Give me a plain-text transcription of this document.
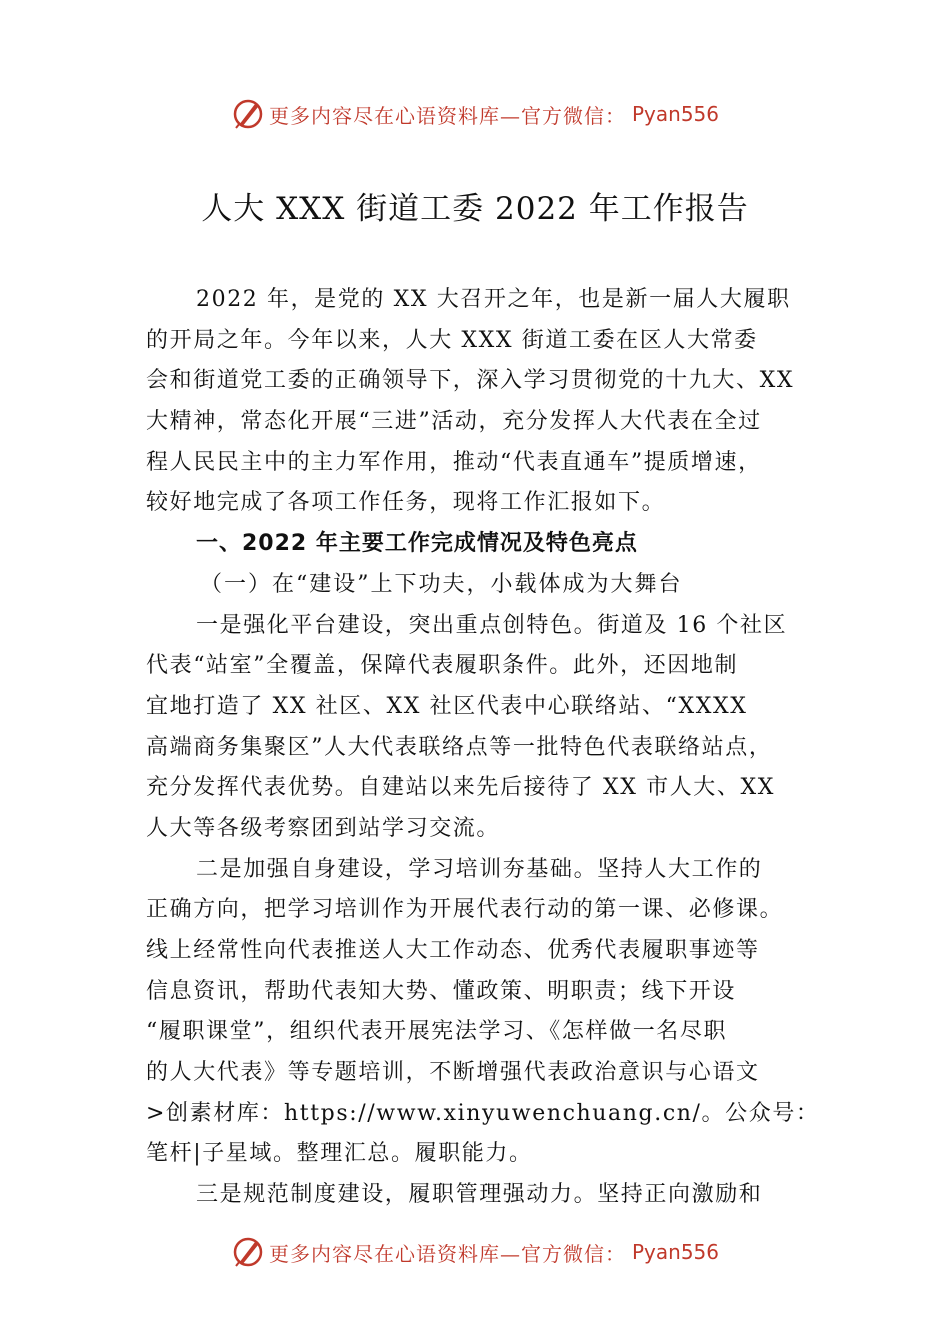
更多内容尽在心语资料库—官方微信： Pyan556
人大 XXX 街道工委 2022 年工作报告
2022 年，是党的 XX 大召开之年，也是新一届人大履职
的开局之年。今年以来，人大 XXX 街道工委在区人大常委
会和街道党工委的正确领导下，深入学习贯彻党的十九大、XX
大精神，常态化开展“三进”活动，充分发挥人大代表在全过
程人民民主中的主力军作用，推动“代表直通车”提质增速，
较好地完成了各项工作任务，现将工作汇报如下。
一、2022 年主要工作完成情况及特色亮点
（一）在“建设”上下功夫，小载体成为大舞台
一是强化平台建设，突出重点创特色。街道及 16 个社区
代表“站室”全覆盖，保障代表履职条件。此外，还因地制
宜地打造了 XX 社区、XX 社区代表中心联络站、“XXXX
高端商务集聚区”人大代表联络点等一批特色代表联络站点，
充分发挥代表优势。自建站以来先后接待了 XX 市人大、XX
人大等各级考察团到站学习交流。
二是加强自身建设，学习培训夯基础。坚持人大工作的
正确方向，把学习培训作为开展代表行动的第一课、必修课。
线上经常性向代表推送人大工作动态、优秀代表履职事迹等
信息资讯，帮助代表知大势、懂政策、明职责；线下开设
“履职课堂”，组织代表开展宪法学习、《怎样做一名尽职
的人大代表》等专题培训，不断增强代表政治意识与心语文
>创素材库：https://www.xinyuwenchuang.cn/。公众号：
笔杆|子星域。整理汇总。履职能力。
三是规范制度建设，履职管理强动力。坚持正向激励和
更多内容尽在心语资料库—官方微信： Pyan556
